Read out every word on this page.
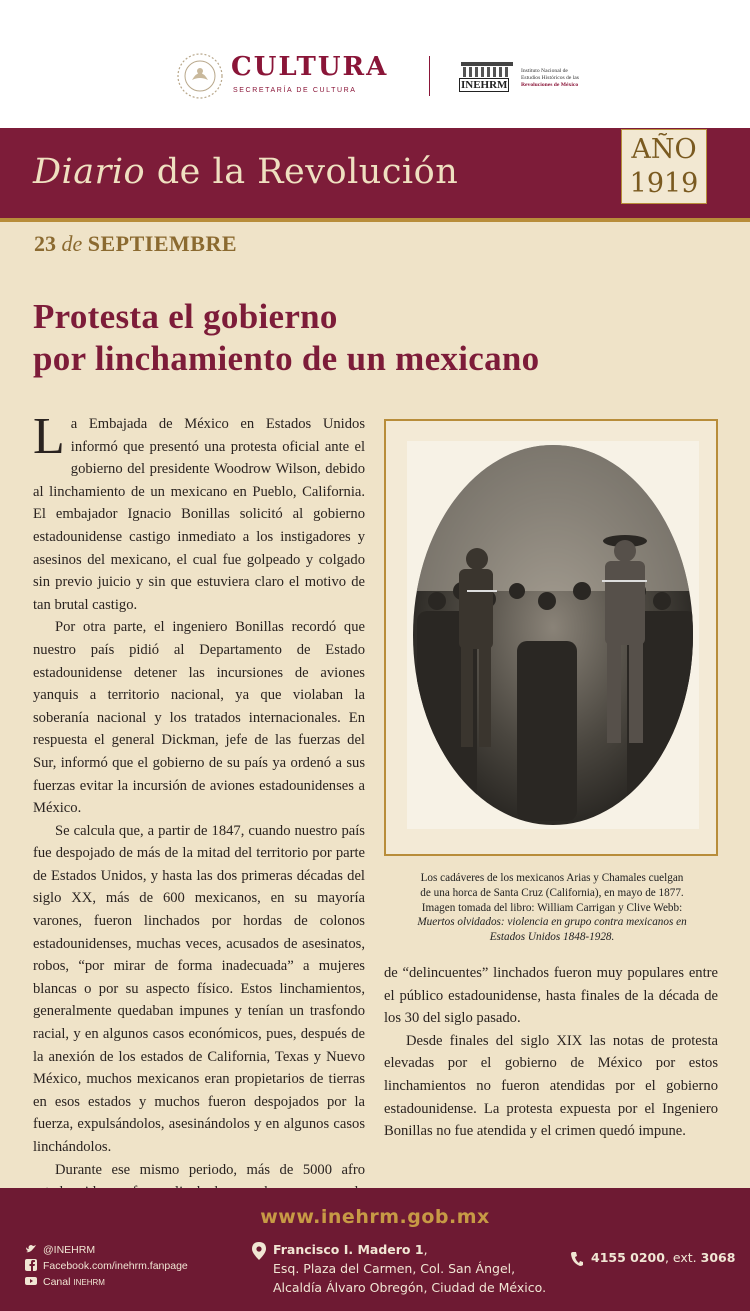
CULTURA
SECRETARÍA DE CULTURA	INEHRM
Instituto Nacional de
Estudios Históricos de las
Revoluciones de México
Diario de la Revolución
AÑO
1919
23 de SEPTIEMBRE
Protesta el gobierno
por linchamiento de un mexicano

La Embajada de México en Estados Unidos informó que presentó una protesta oficial ante el gobierno del presidente Woodrow Wilson, debido al linchamiento de un mexicano en Pueblo, California. El embajador Ignacio Bonillas solicitó al gobierno estadounidense castigo inmediato a los instigadores y asesinos del mexicano, el cual fue golpeado y colgado sin previo juicio y sin que estuviera claro el motivo de tan brutal castigo.

Por otra parte, el ingeniero Bonillas recordó que nuestro país pidió al Departamento de Estado estadounidense detener las incursiones de aviones yanquis a territorio nacional, ya que violaban la soberanía nacional y los tratados internacionales. En respuesta el general Dickman, jefe de las fuerzas del Sur, informó que el gobierno de su país ya ordenó a sus fuerzas evitar la incursión de aviones estadounidenses a México.

Se calcula que, a partir de 1847, cuando nuestro país fue despojado de más de la mitad del territorio por parte de Estados Unidos, y hasta las dos primeras décadas del siglo XX, más de 600 mexicanos, en su mayoría varones, fueron linchados por hordas de colonos estadounidenses, muchas veces, acusados de asesinatos, robos, “por mirar de forma inadecuada” a mujeres blancas o por su aspecto físico. Estos linchamientos, generalmente quedaban impunes y tenían un trasfondo racial, y en algunos casos económicos, pues, después de la anexión de los estados de California, Texas y Nuevo México, muchos mexicanos eran propietarios de tierras en esos estados y muchos fueron despojados por la fuerza, expulsándolos, asesinándolos y en algunos casos linchándolos.

Durante ese mismo periodo, más de 5000 afro

Los cadáveres de los mexicanos Arias y Chamales cuelgan
de una horca de Santa Cruz (California), en mayo de 1877.
Imagen tomada del libro: William Carrigan y Clive Webb:
Muertos olvidados: violencia en grupo contra mexicanos en
Estados Unidos 1848-1928.

de “delincuentes” linchados fueron muy populares entre el público estadounidense, hasta finales de la década de los 30 del siglo pasado.

Desde finales del siglo XIX las notas de protesta elevadas por el gobierno de México por estos linchamientos no fueron atendidas por el gobierno estadounidense. La protesta expuesta por el Ingeniero Bonillas no fue atendida y el crimen quedó impune.

www.inehrm.gob.mx
@INEHRM
Facebook.com/inehrm.fanpage
Canal INEHRM
Francisco I. Madero 1,
Esq. Plaza del Carmen, Col. San Ángel,
Alcaldía Álvaro Obregón, Ciudad de México.
4155 0200, ext. 3068
